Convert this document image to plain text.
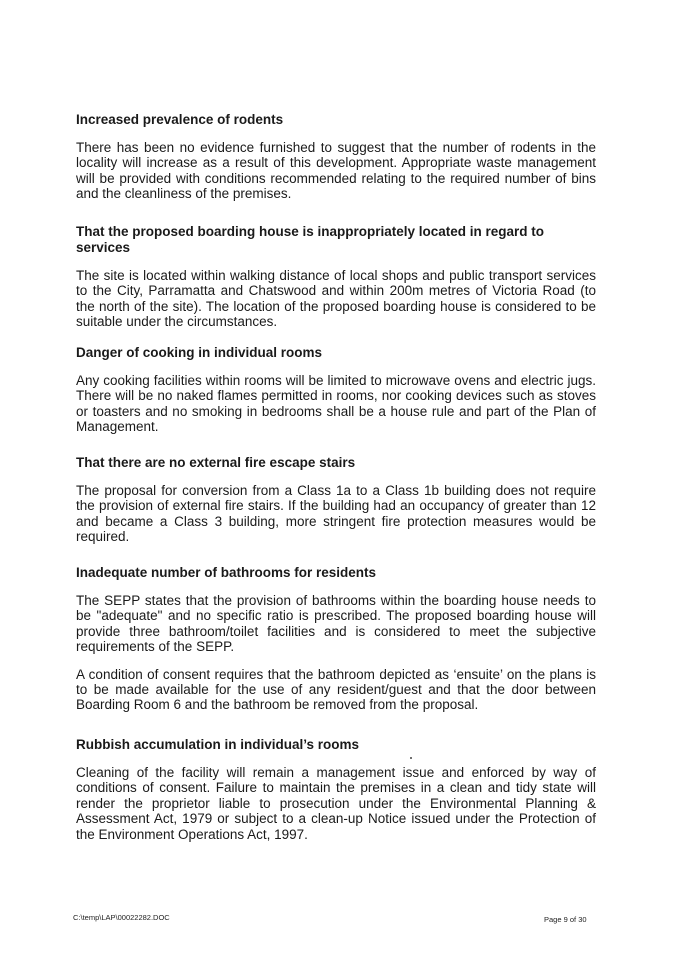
Increased prevalence of rodents

There has been no evidence furnished to suggest that the number of rodents in the locality will increase as a result of this development. Appropriate waste management will be provided with conditions recommended relating to the required number of bins and the cleanliness of the premises.

That the proposed boarding house is inappropriately located in regard to services

The site is located within walking distance of local shops and public transport services to the City, Parramatta and Chatswood and within 200m metres of Victoria Road (to the north of the site). The location of the proposed boarding house is considered to be suitable under the circumstances.

Danger of cooking in individual rooms

Any cooking facilities within rooms will be limited to microwave ovens and electric jugs. There will be no naked flames permitted in rooms, nor cooking devices such as stoves or toasters and no smoking in bedrooms shall be a house rule and part of the Plan of Management.

That there are no external fire escape stairs

The proposal for conversion from a Class 1a to a Class 1b building does not require the provision of external fire stairs. If the building had an occupancy of greater than 12 and became a Class 3 building, more stringent fire protection measures would be required.

Inadequate number of bathrooms for residents

The SEPP states that the provision of bathrooms within the boarding house needs to be "adequate" and no specific ratio is prescribed. The proposed boarding house will provide three bathroom/toilet facilities and is considered to meet the subjective requirements of the SEPP.

A condition of consent requires that the bathroom depicted as ‘ensuite’ on the plans is to be made available for the use of any resident/guest and that the door between Boarding Room 6 and the bathroom be removed from the proposal.

Rubbish accumulation in individual’s rooms

Cleaning of the facility will remain a management issue and enforced by way of conditions of consent. Failure to maintain the premises in a clean and tidy state will render the proprietor liable to prosecution under the Environmental Planning & Assessment Act, 1979 or subject to a clean-up Notice issued under the Protection of the Environment Operations Act, 1997.

C:\temp\LAP\00022282.DOC	Page 9 of 30
